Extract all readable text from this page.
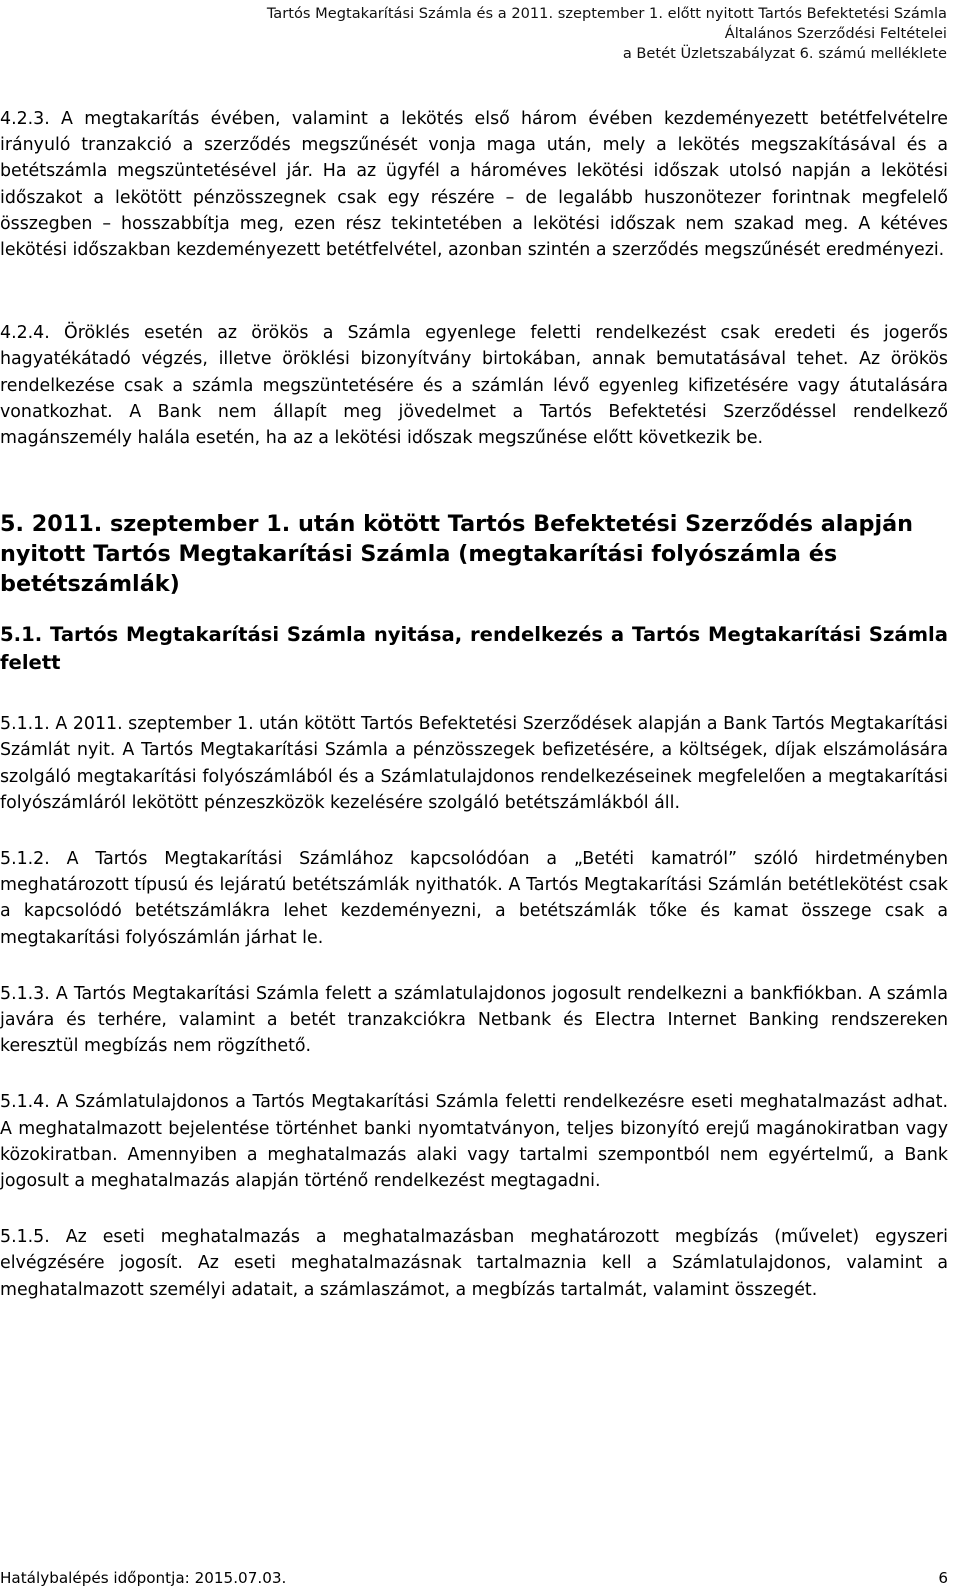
Tartós Megtakarítási Számla és a 2011. szeptember 1. előtt nyitott Tartós Befektetési Számla
Általános Szerződési Feltételei
a Betét Üzletszabályzat 6. számú melléklete

4.2.3. A megtakarítás évében, valamint a lekötés első három évében kezdeményezett betétfelvételre irányuló tranzakció a szerződés megszűnését vonja maga után, mely a lekötés megszakításával és a betétszámla megszüntetésével jár. Ha az ügyfél a hároméves lekötési időszak utolsó napján a lekötési időszakot a lekötött pénzösszegnek csak egy részére – de legalább huszonötezer forintnak megfelelő összegben – hosszabbítja meg, ezen rész tekintetében a lekötési időszak nem szakad meg. A kétéves lekötési időszakban kezdeményezett betétfelvétel, azonban szintén a szerződés megszűnését eredményezi.

4.2.4. Öröklés esetén az örökös a Számla egyenlege feletti rendelkezést csak eredeti és jogerős hagyatékátadó végzés, illetve öröklési bizonyítvány birtokában, annak bemutatásával tehet. Az örökös rendelkezése csak a számla megszüntetésére és a számlán lévő egyenleg kifizetésére vagy átutalására vonatkozhat. A Bank nem állapít meg jövedelmet a Tartós Befektetési Szerződéssel rendelkező magánszemély halála esetén, ha az a lekötési időszak megszűnése előtt következik be.

5. 2011. szeptember 1. után kötött Tartós Befektetési Szerződés alapján nyitott Tartós Megtakarítási Számla (megtakarítási folyószámla és betétszámlák)
5.1. Tartós Megtakarítási Számla nyitása, rendelkezés a Tartós Megtakarítási Számla felett

5.1.1. A 2011. szeptember 1. után kötött Tartós Befektetési Szerződések alapján a Bank Tartós Megtakarítási Számlát nyit. A Tartós Megtakarítási Számla a pénzösszegek befizetésére, a költségek, díjak elszámolására szolgáló megtakarítási folyószámlából és a Számlatulajdonos rendelkezéseinek megfelelően a megtakarítási folyószámláról lekötött pénzeszközök kezelésére szolgáló betétszámlákból áll.

5.1.2. A Tartós Megtakarítási Számlához kapcsolódóan a „Betéti kamatról” szóló hirdetményben meghatározott típusú és lejáratú betétszámlák nyithatók. A Tartós Megtakarítási Számlán betétlekötést csak a kapcsolódó betétszámlákra lehet kezdeményezni, a betétszámlák tőke és kamat összege csak a megtakarítási folyószámlán járhat le.

5.1.3. A Tartós Megtakarítási Számla felett a számlatulajdonos jogosult rendelkezni a bankfiókban. A számla javára és terhére, valamint a betét tranzakciókra Netbank és Electra Internet Banking rendszereken keresztül megbízás nem rögzíthető.

5.1.4. A Számlatulajdonos a Tartós Megtakarítási Számla feletti rendelkezésre eseti meghatalmazást adhat. A meghatalmazott bejelentése történhet banki nyomtatványon, teljes bizonyító erejű magánokiratban vagy közokiratban. Amennyiben a meghatalmazás alaki vagy tartalmi szempontból nem egyértelmű, a Bank jogosult a meghatalmazás alapján történő rendelkezést megtagadni.

5.1.5. Az eseti meghatalmazás a meghatalmazásban meghatározott megbízás (művelet) egyszeri elvégzésére jogosít. Az eseti meghatalmazásnak tartalmaznia kell a Számlatulajdonos, valamint a meghatalmazott személyi adatait, a számlaszámot, a megbízás tartalmát, valamint összegét.

Hatálybalépés időpontja: 2015.07.03.	6
